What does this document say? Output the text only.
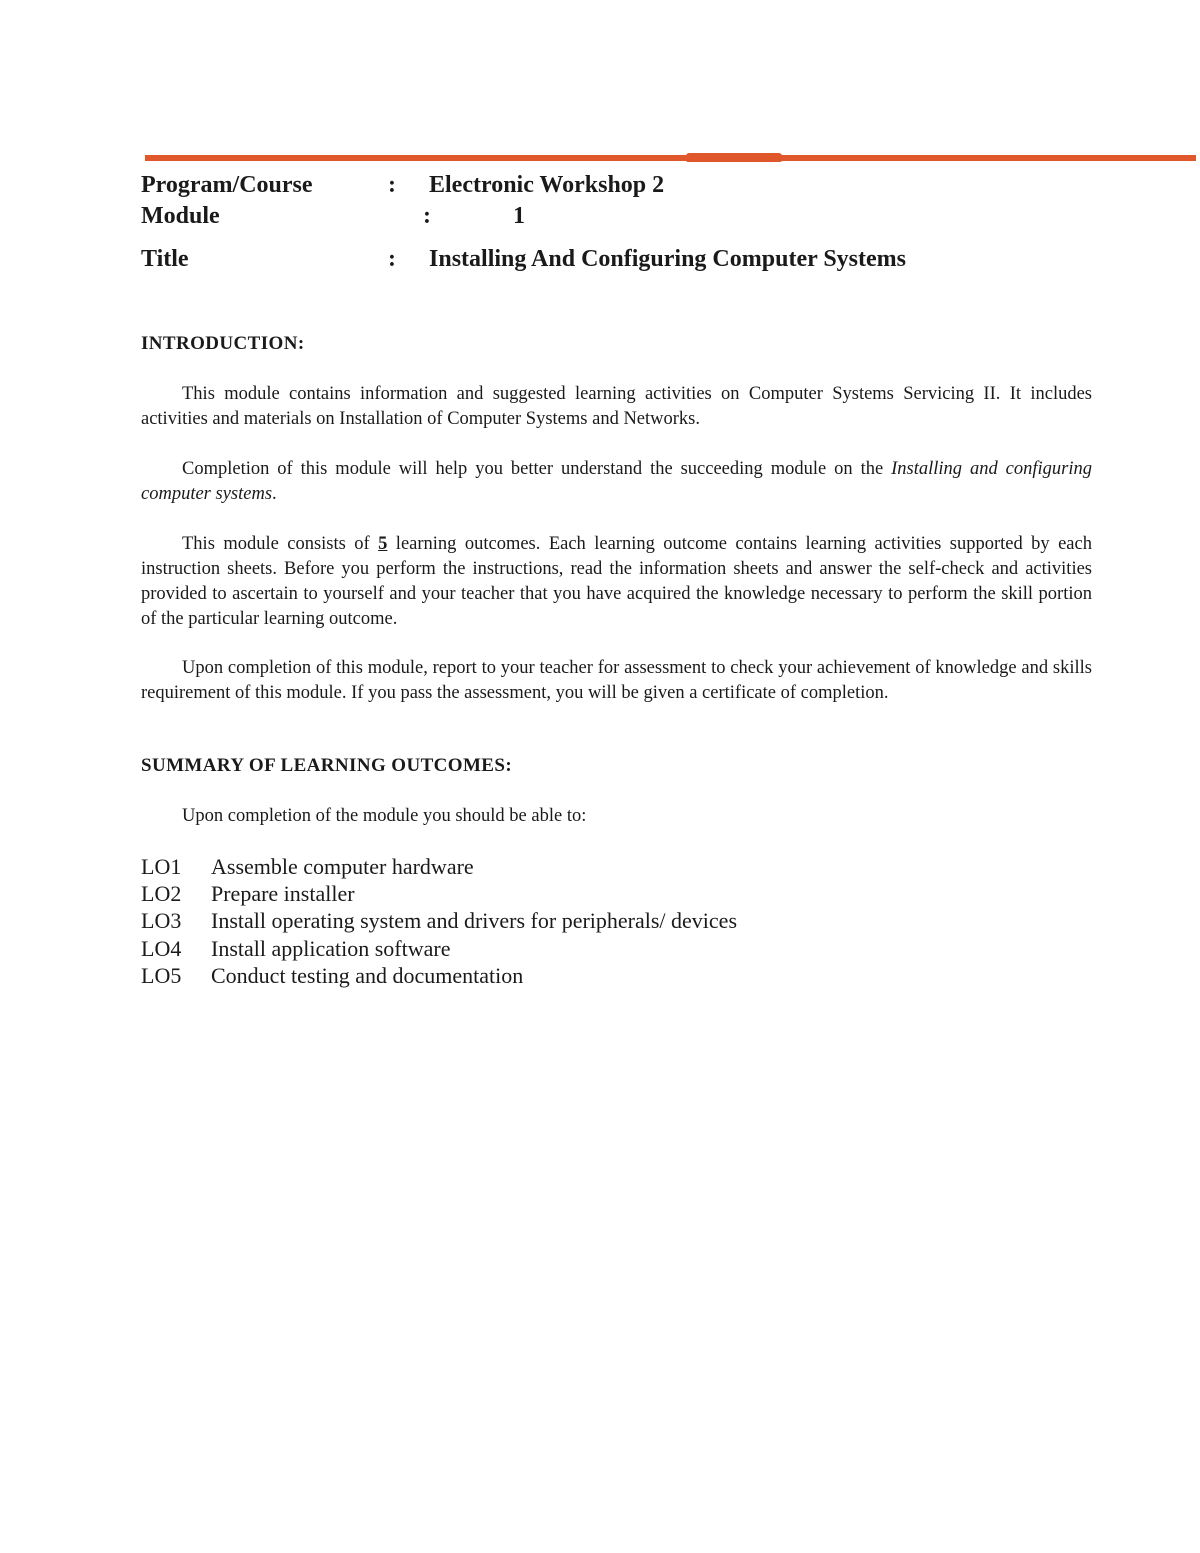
Program/Course	: Electronic Workshop 2
Module	:	1
Title	: Installing And Configuring Computer Systems
INTRODUCTION:

This module contains information and suggested learning activities on Computer Systems Servicing II. It includes activities and materials on Installation of Computer Systems and Networks.

Completion of this module will help you better understand the succeeding module on the Installing and configuring computer systems.

This module consists of 5 learning outcomes. Each learning outcome contains learning activities supported by each instruction sheets. Before you perform the instructions, read the information sheets and answer the self-check and activities provided to ascertain to yourself and your teacher that you have acquired the knowledge necessary to perform the skill portion of the particular learning outcome.

Upon completion of this module, report to your teacher for assessment to check your achievement of knowledge and skills requirement of this module. If you pass the assessment, you will be given a certificate of completion.

SUMMARY OF LEARNING OUTCOMES:

Upon completion of the module you should be able to:

LO1 Assemble computer hardware
LO2 Prepare installer
LO3 Install operating system and drivers for peripherals/ devices
LO4 Install application software
LO5 Conduct testing and documentation
